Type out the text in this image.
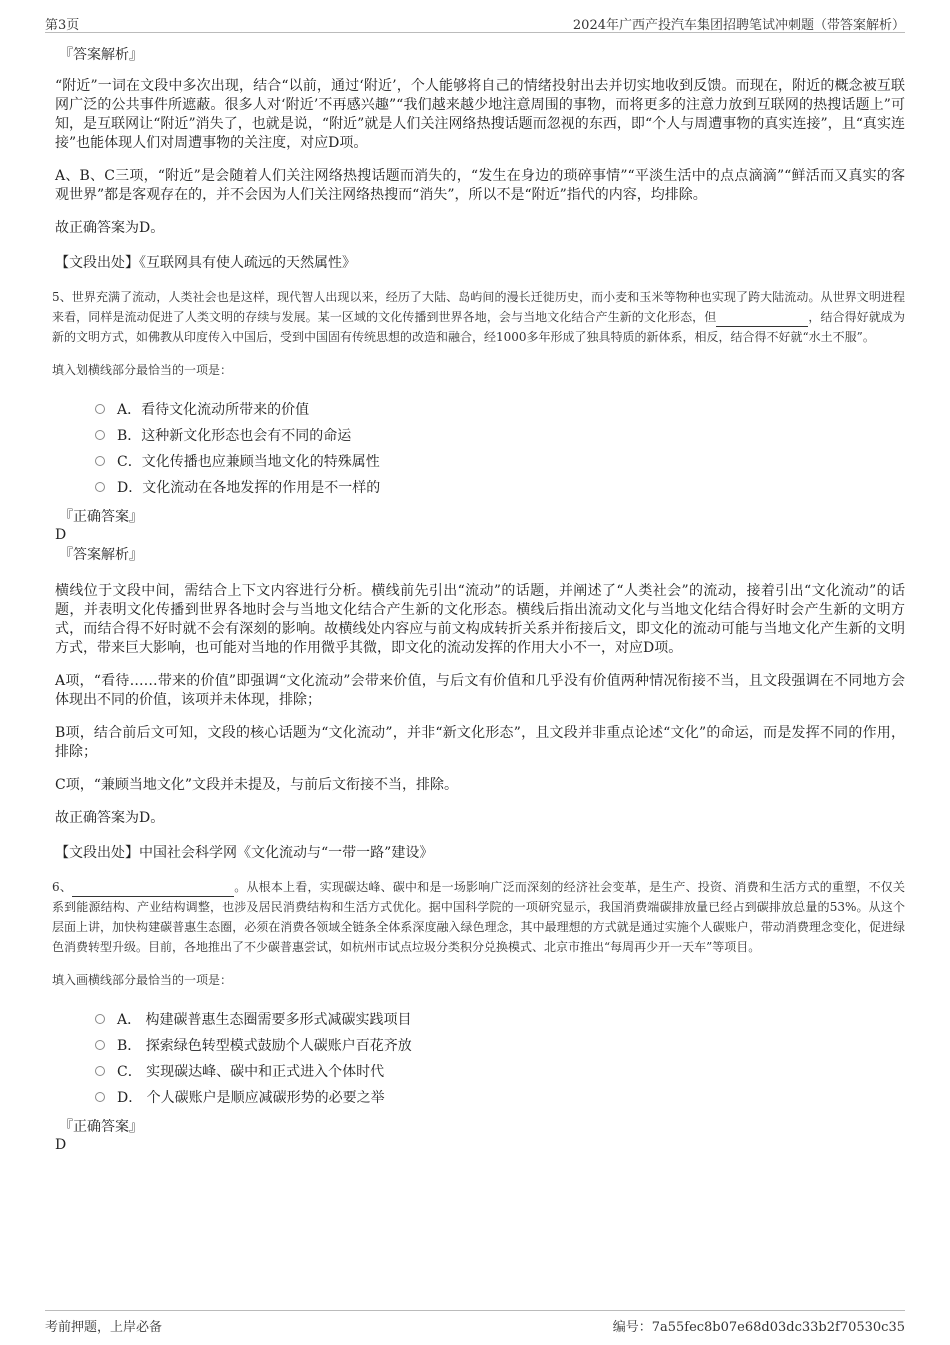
第3页	2024年广西产投汽车集团招聘笔试冲刺题（带答案解析）
『答案解析』

“附近”一词在文段中多次出现，结合“以前，通过‘附近’，个人能够将自己的情绪投射出去并切实地收到反馈。而现在，附近的概念被互联网广泛的公共事件所遮蔽。很多人对‘附近’不再感兴趣”“我们越来越少地注意周围的事物，而将更多的注意力放到互联网的热搜话题上”可知，是互联网让“附近”消失了，也就是说，“附近”就是人们关注网络热搜话题而忽视的东西，即“个人与周遭事物的真实连接”，且“真实连接”也能体现人们对周遭事物的关注度，对应D项。

A、B、C三项，“附近”是会随着人们关注网络热搜话题而消失的，“发生在身边的琐碎事情”“平淡生活中的点点滴滴”“鲜活而又真实的客观世界”都是客观存在的，并不会因为人们关注网络热搜而“消失”，所以不是“附近”指代的内容，均排除。

故正确答案为D。

【文段出处】《互联网具有使人疏远的天然属性》

5、世界充满了流动，人类社会也是这样，现代智人出现以来，经历了大陆、岛屿间的漫长迁徙历史，而小麦和玉米等物种也实现了跨大陆流动。从世界文明进程来看，同样是流动促进了人类文明的存续与发展。某一区域的文化传播到世界各地，会与当地文化结合产生新的文化形态，但	，结合得好就成为新的文明方式，如佛教从印度传入中国后，受到中国固有传统思想的改造和融合，经1000多年形成了独具特质的新体系，相反，结合得不好就“水土不服”。

填入划横线部分最恰当的一项是：
A．看待文化流动所带来的价值
B．这种新文化形态也会有不同的命运
C．文化传播也应兼顾当地文化的特殊属性
D．文化流动在各地发挥的作用是不一样的
『正确答案』
D
『答案解析』

横线位于文段中间，需结合上下文内容进行分析。横线前先引出“流动”的话题，并阐述了“人类社会”的流动，接着引出“文化流动”的话题，并表明文化传播到世界各地时会与当地文化结合产生新的文化形态。横线后指出流动文化与当地文化结合得好时会产生新的文明方式，而结合得不好时就不会有深刻的影响。故横线处内容应与前文构成转折关系并衔接后文，即文化的流动可能与当地文化产生新的文明方式，带来巨大影响，也可能对当地的作用微乎其微，即文化的流动发挥的作用大小不一，对应D项。

A项，“看待……带来的价值”即强调“文化流动”会带来价值，与后文有价值和几乎没有价值两种情况衔接不当，且文段强调在不同地方会体现出不同的价值，该项并未体现，排除；

B项，结合前后文可知，文段的核心话题为“文化流动”，并非“新文化形态”，且文段并非重点论述“文化”的命运，而是发挥不同的作用，排除；

C项，“兼顾当地文化”文段并未提及，与前后文衔接不当，排除。

故正确答案为D。

【文段出处】中国社会科学网《文化流动与“一带一路”建设》

6、	。从根本上看，实现碳达峰、碳中和是一场影响广泛而深刻的经济社会变革，是生产、投资、消费和生活方式的重塑，不仅关系到能源结构、产业结构调整，也涉及居民消费结构和生活方式优化。据中国科学院的一项研究显示，我国消费端碳排放量已经占到碳排放总量的53%。从这个层面上讲，加快构建碳普惠生态圈，必须在消费各领域全链条全体系深度融入绿色理念，其中最理想的方式就是通过实施个人碳账户，带动消费理念变化，促进绿色消费转型升级。目前，各地推出了不少碳普惠尝试，如杭州市试点垃圾分类积分兑换模式、北京市推出“每周再少开一天车”等项目。

填入画横线部分最恰当的一项是：
A． 构建碳普惠生态圈需要多形式减碳实践项目
B． 探索绿色转型模式鼓励个人碳账户百花齐放
C． 实现碳达峰、碳中和正式进入个体时代
D． 个人碳账户是顺应减碳形势的必要之举
『正确答案』
D
考前押题，上岸必备	编号：7a55fec8b07e68d03dc33b2f70530c35
